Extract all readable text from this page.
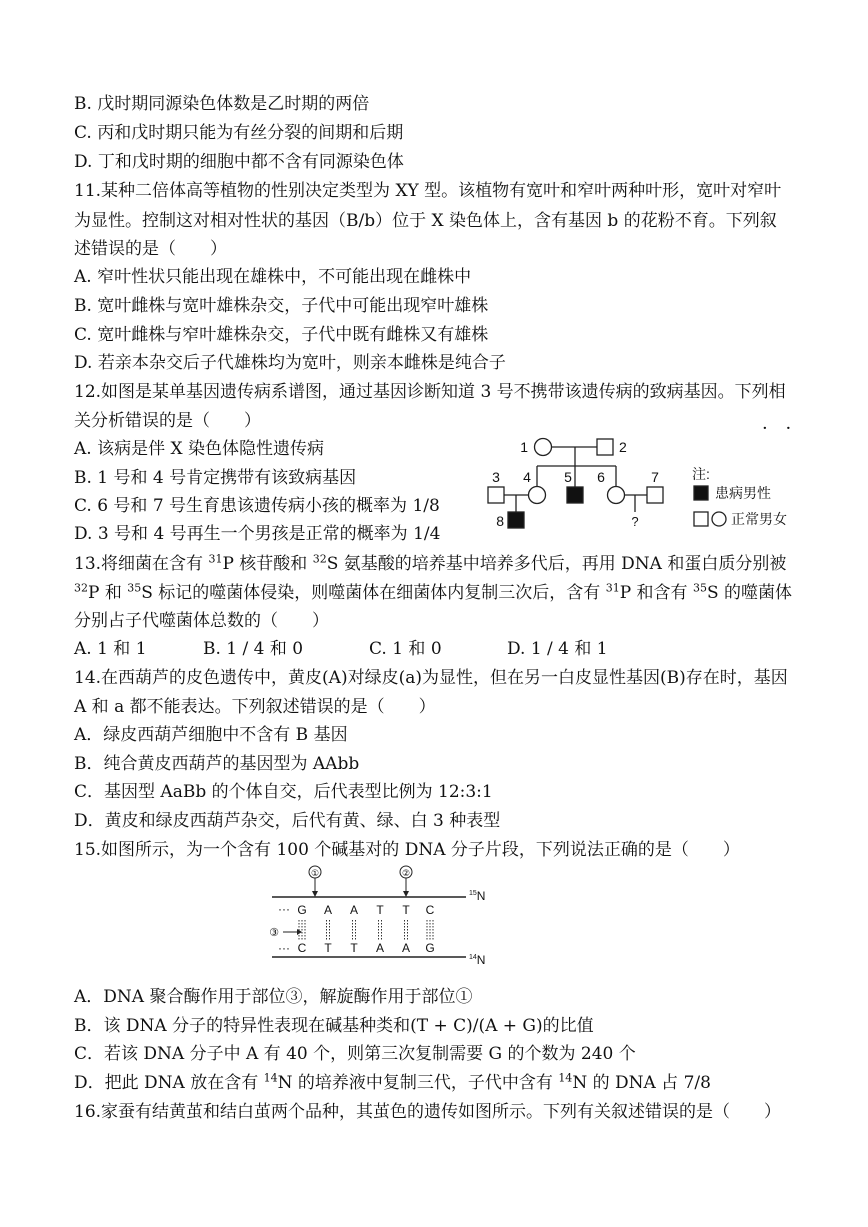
B. 戊时期同源染色体数是乙时期的两倍
C. 丙和戊时期只能为有丝分裂的间期和后期
D. 丁和戊时期的细胞中都不含有同源染色体
11.某种二倍体高等植物的性别决定类型为 XY 型。该植物有宽叶和窄叶两种叶形，宽叶对窄叶
为显性。控制这对相对性状的基因（B/b）位于 X 染色体上，含有基因 b 的花粉不育。下列叙
述错误的是（　　）
A. 窄叶性状只能出现在雄株中，不可能出现在雌株中
B. 宽叶雌株与宽叶雄株杂交，子代中可能出现窄叶雄株
C. 宽叶雌株与窄叶雄株杂交，子代中既有雌株又有雄株
D. 若亲本杂交后子代雄株均为宽叶，则亲本雌株是纯合子
12.如图是某单基因遗传病系谱图，通过基因诊断知道 3 号不携带该遗传病的致病基因。下列相
关分析错误的是（　　）
A. 该病是伴 X 染色体隐性遗传病
B. 1 号和 4 号肯定携带有该致病基因
C. 6 号和 7 号生育患该遗传病小孩的概率为 1/8
D. 3 号和 4 号再生一个男孩是正常的概率为 1/4
· ·
1	2
3 4 5 6	7
8	?
注:
患病男性
正常男女
13.将细菌在含有 $^{31}$P 核苷酸和 $^{32}$S 氨基酸的培养基中培养多代后，再用 DNA 和蛋白质分别被
$^{32}$P 和 $^{35}$S 标记的噬菌体侵染，则噬菌体在细菌体内复制三次后，含有 $^{31}$P 和含有 $^{35}$S 的噬菌体
分别占子代噬菌体总数的（　　）
A. 1 和 1	B. 1 / 4 和 0	C. 1 和 0	D. 1 / 4 和 1
14.在西葫芦的皮色遗传中，黄皮(A)对绿皮(a)为显性，但在另一白皮显性基因(B)存在时，基因
A 和 a 都不能表达。下列叙述错误的是（　　）
A．绿皮西葫芦细胞中不含有 B 基因
B．纯合黄皮西葫芦的基因型为 AAbb
C．基因型 AaBb 的个体自交，后代表型比例为 12:3:1
D．黄皮和绿皮西葫芦杂交，后代有黄、绿、白 3 种表型
15.如图所示，为一个含有 100 个碱基对的 DNA 分子片段，下列说法正确的是（　　）
①	②
③
···
···
$^{15}$N
$^{14}$N
G A A T T C
C T T A A G
A．DNA 聚合酶作用于部位③，解旋酶作用于部位①
B．该 DNA 分子的特异性表现在碱基种类和(T + C)/(A + G)的比值
C．若该 DNA 分子中 A 有 40 个，则第三次复制需要 G 的个数为 240 个
D．把此 DNA 放在含有 $^{14}$N 的培养液中复制三代，子代中含有 $^{14}$N 的 DNA 占 7/8
16.家蚕有结黄茧和结白茧两个品种，其茧色的遗传如图所示。下列有关叙述错误的是（　　）
